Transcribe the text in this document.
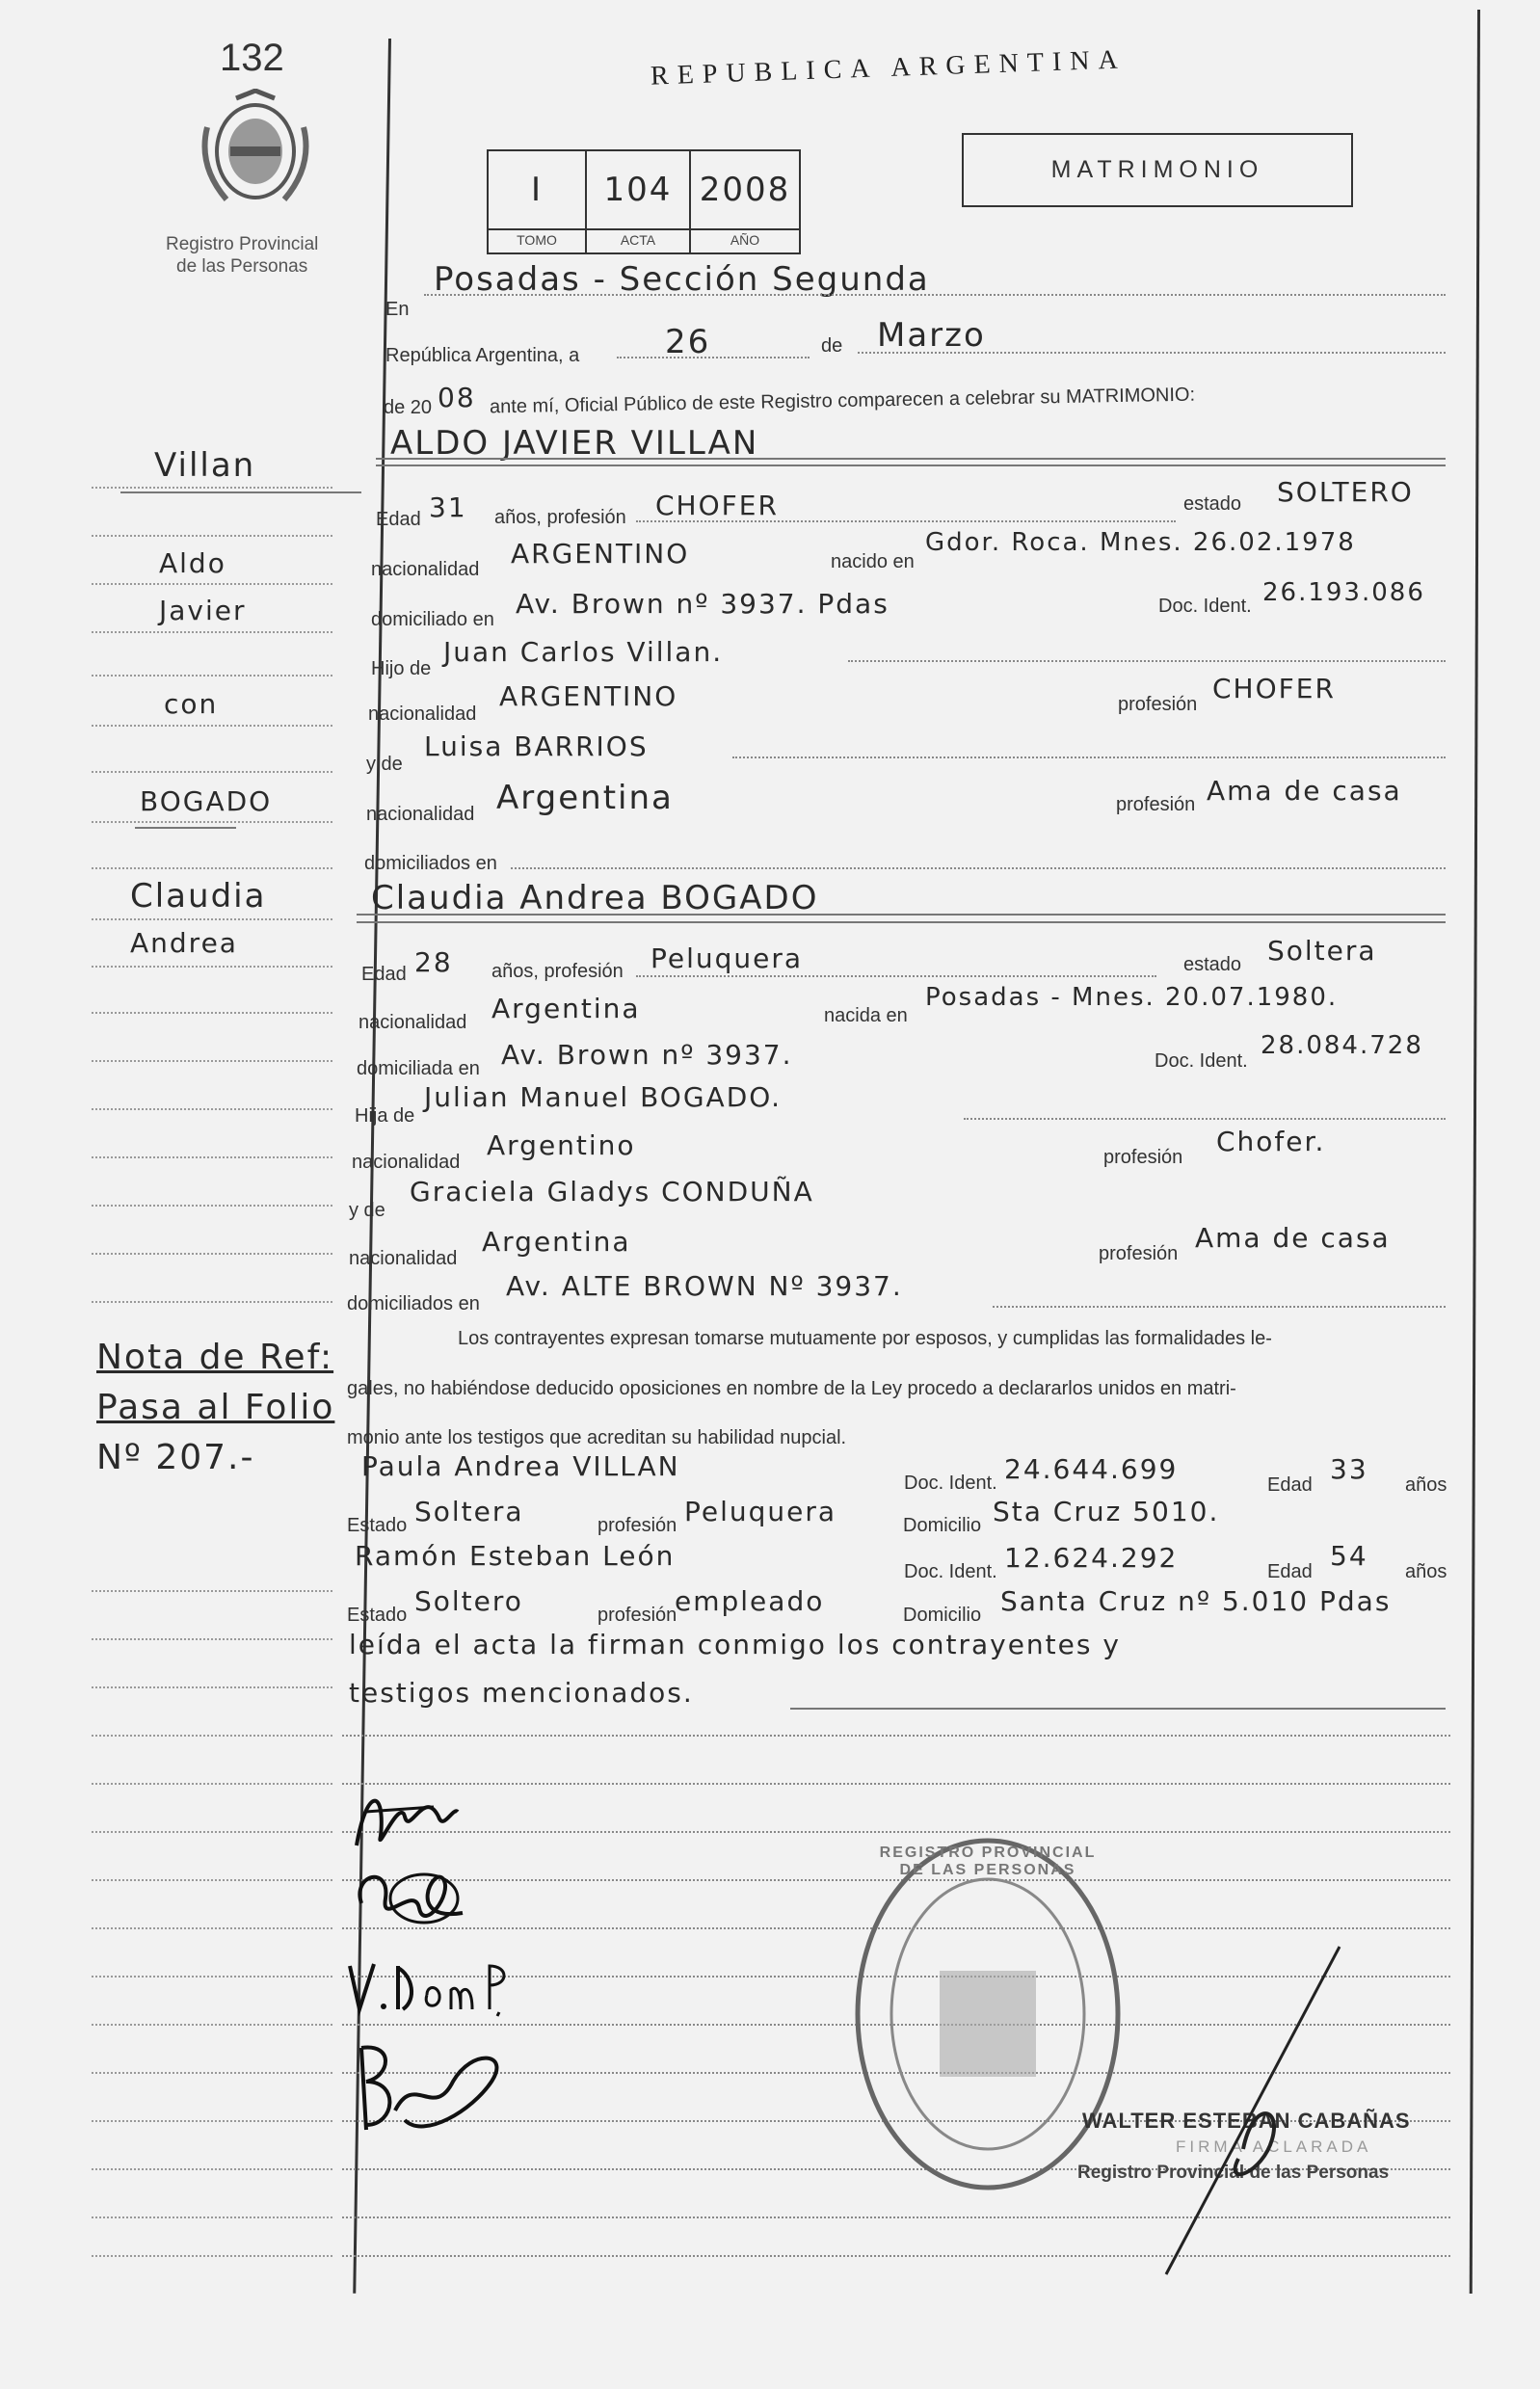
132
Registro Provincial
de las Personas
REPUBLICA ARGENTINA
MATRIMONIO
I	104 2008
TOMO	ACTA	AÑO
Villan
Aldo
Javier
con
BOGADO
Claudia
Andrea
Nota de Ref:
Pasa al Folio
Nº 207.-
En
Posadas - Sección Segunda
República Argentina, a	26	de Marzo
de 20 08 ante mí, Oficial Público de este Registro comparecen a celebrar su MATRIMONIO:
ALDO JAVIER VILLAN
Edad 31 años, profesión CHOFER	estado SOLTERO
nacionalidad ARGENTINO	nacido en
Gdor. Roca. Mnes. 26.02.1978
domiciliado en Av. Brown nº 3937. Pdas	Doc. Ident. 26.193.086
Hijo de
Juan Carlos Villan.
nacionalidad
ARGENTINO	profesión CHOFER
y de
Luisa BARRIOS
nacionalidad Argentina	profesión Ama de casa
domiciliados en
Claudia Andrea BOGADO
Edad 28 años, profesión Peluquera	estado Soltera
nacionalidad Argentina	nacida en
Posadas - Mnes. 20.07.1980.
domiciliada en Av. Brown nº 3937.	Doc. Ident.
28.084.728
Hija de
Julian Manuel BOGADO.
nacionalidad
Argentino	profesión Chofer.
y de
Graciela Gladys CONDUÑA
nacionalidad
Argentina	profesión Ama de casa
domiciliados en
Av. ALTE BROWN Nº 3937.
Los contrayentes expresan tomarse mutuamente por esposos, y cumplidas las formalidades le-
gales, no habiéndose deducido oposiciones en nombre de la Ley procedo a declararlos unidos en matri-
monio ante los testigos que acreditan su habilidad nupcial.
Paula Andrea VILLAN
Doc. Ident. 24.644.699	Edad 33 años
Estado Soltera	profesión Peluquera	Domicilio Sta Cruz 5010.
Ramón Esteban León	Doc. Ident. 12.624.292	Edad 54 años
Estado Soltero	profesión
empleado	Domicilio Santa Cruz nº 5.010 Pdas
leída el acta la firman conmigo los contrayentes y
testigos mencionados.
REGISTRO PROVINCIAL DE LAS PERSONAS
WALTER ESTEBAN CABAÑAS
FIRMA ACLARADA
Registro Provincial de las Personas
